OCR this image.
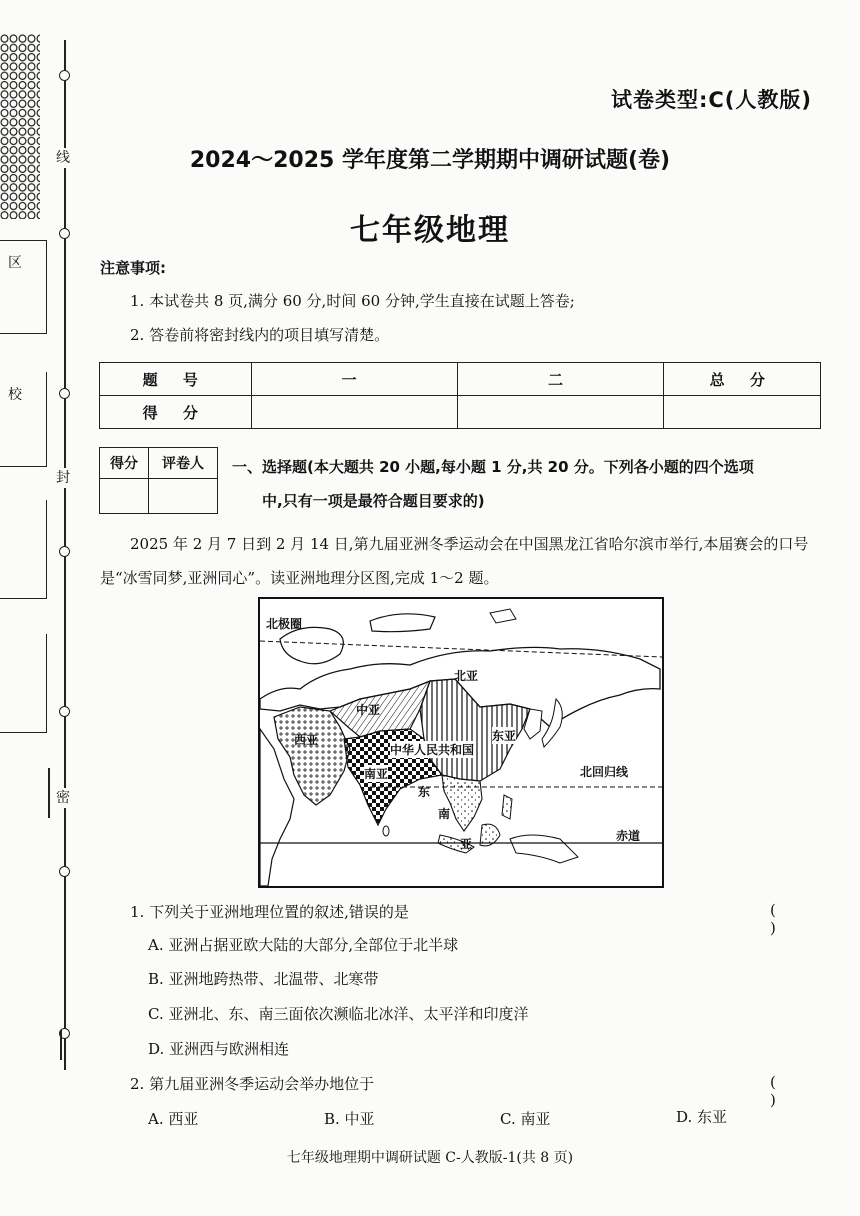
线
封
密
区
校
试卷类型:C(人教版)
2024～2025 学年度第二学期期中调研试题(卷)
七年级地理
注意事项:
1. 本试卷共 8 页,满分 60 分,时间 60 分钟,学生直接在试题上答卷;
2. 答卷前将密封线内的项目填写清楚。
题 号	一	二	总 分
得 分			
得分	评卷人
	一、选择题(本大题共 20 小题,每小题 1 分,共 20 分。下列各小题的四个选项
中,只有一项是最符合题目要求的)
2025 年 2 月 7 日到 2 月 14 日,第九届亚洲冬季运动会在中国黑龙江省哈尔滨市举行,本届赛会的口号是“冰雪同梦,亚洲同心”。读亚洲地理分区图,完成 1～2 题。
北极圈
北亚
中亚
西亚
中华人民共和国
东亚
南亚	北回归线
东
南
亚
赤道
1. 下列关于亚洲地理位置的叙述,错误的是	( )
A. 亚洲占据亚欧大陆的大部分,全部位于北半球
B. 亚洲地跨热带、北温带、北寒带
C. 亚洲北、东、南三面依次濒临北冰洋、太平洋和印度洋
D. 亚洲西与欧洲相连
2. 第九届亚洲冬季运动会举办地位于	( )
A. 西亚	B. 中亚	C. 南亚	D. 东亚
七年级地理期中调研试题 C-人教版-1(共 8 页)
